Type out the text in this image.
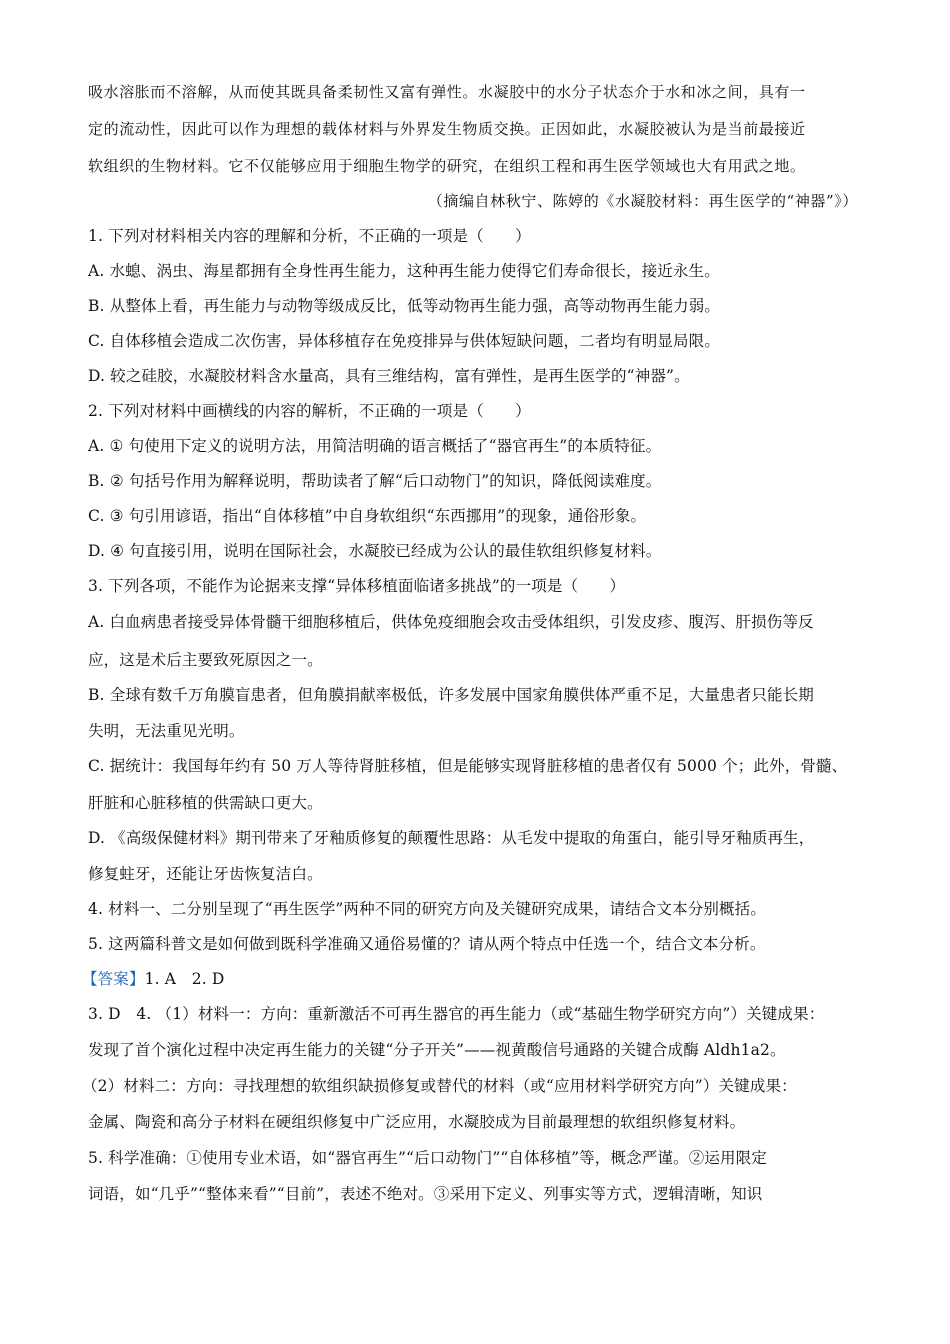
吸水溶胀而不溶解，从而使其既具备柔韧性又富有弹性。水凝胶中的水分子状态介于水和冰之间，具有一
定的流动性，因此可以作为理想的载体材料与外界发生物质交换。正因如此，水凝胶被认为是当前最接近
软组织的生物材料。它不仅能够应用于细胞生物学的研究，在组织工程和再生医学领域也大有用武之地。
（摘编自林秋宁、陈婷的《水凝胶材料：再生医学的“神器”》）
1. 下列对材料相关内容的理解和分析，不正确的一项是（　　）
A. 水螅、涡虫、海星都拥有全身性再生能力，这种再生能力使得它们寿命很长，接近永生。
B. 从整体上看，再生能力与动物等级成反比，低等动物再生能力强，高等动物再生能力弱。
C. 自体移植会造成二次伤害，异体移植存在免疫排异与供体短缺问题，二者均有明显局限。
D. 较之硅胶，水凝胶材料含水量高，具有三维结构，富有弹性，是再生医学的“神器”。
2. 下列对材料中画横线的内容的解析，不正确的一项是（　　）
A. ① 句使用下定义的说明方法，用简洁明确的语言概括了“器官再生”的本质特征。
B. ② 句括号作用为解释说明，帮助读者了解“后口动物门”的知识，降低阅读难度。
C. ③ 句引用谚语，指出“自体移植”中自身软组织“东西挪用”的现象，通俗形象。
D. ④ 句直接引用，说明在国际社会，水凝胶已经成为公认的最佳软组织修复材料。
3. 下列各项，不能作为论据来支撑“异体移植面临诸多挑战”的一项是（　　）
A. 白血病患者接受异体骨髓干细胞移植后，供体免疫细胞会攻击受体组织，引发皮疹、腹泻、肝损伤等反
应，这是术后主要致死原因之一。
B. 全球有数千万角膜盲患者，但角膜捐献率极低，许多发展中国家角膜供体严重不足，大量患者只能长期
失明，无法重见光明。
C. 据统计：我国每年约有 50 万人等待肾脏移植，但是能够实现肾脏移植的患者仅有 5000 个；此外，骨髓、
肝脏和心脏移植的供需缺口更大。
D. 《高级保健材料》期刊带来了牙釉质修复的颠覆性思路：从毛发中提取的角蛋白，能引导牙釉质再生，
修复蛀牙，还能让牙齿恢复洁白。
4. 材料一、二分别呈现了“再生医学”两种不同的研究方向及关键研究成果，请结合文本分别概括。
5. 这两篇科普文是如何做到既科学准确又通俗易懂的？请从两个特点中任选一个，结合文本分析。
【答案】1. A　2. D
3. D　4. （1）材料一：方向：重新激活不可再生器官的再生能力（或“基础生物学研究方向”）关键成果：
发现了首个演化过程中决定再生能力的关键“分子开关”——视黄酸信号通路的关键合成酶 Aldh1a2。
（2）材料二：方向：寻找理想的软组织缺损修复或替代的材料（或“应用材料学研究方向”）关键成果：
金属、陶瓷和高分子材料在硬组织修复中广泛应用，水凝胶成为目前最理想的软组织修复材料。
5. 科学准确：①使用专业术语，如“器官再生”“后口动物门”“自体移植”等，概念严谨。②运用限定
词语，如“几乎”“整体来看”“目前”，表述不绝对。③采用下定义、列事实等方式，逻辑清晰，知识
